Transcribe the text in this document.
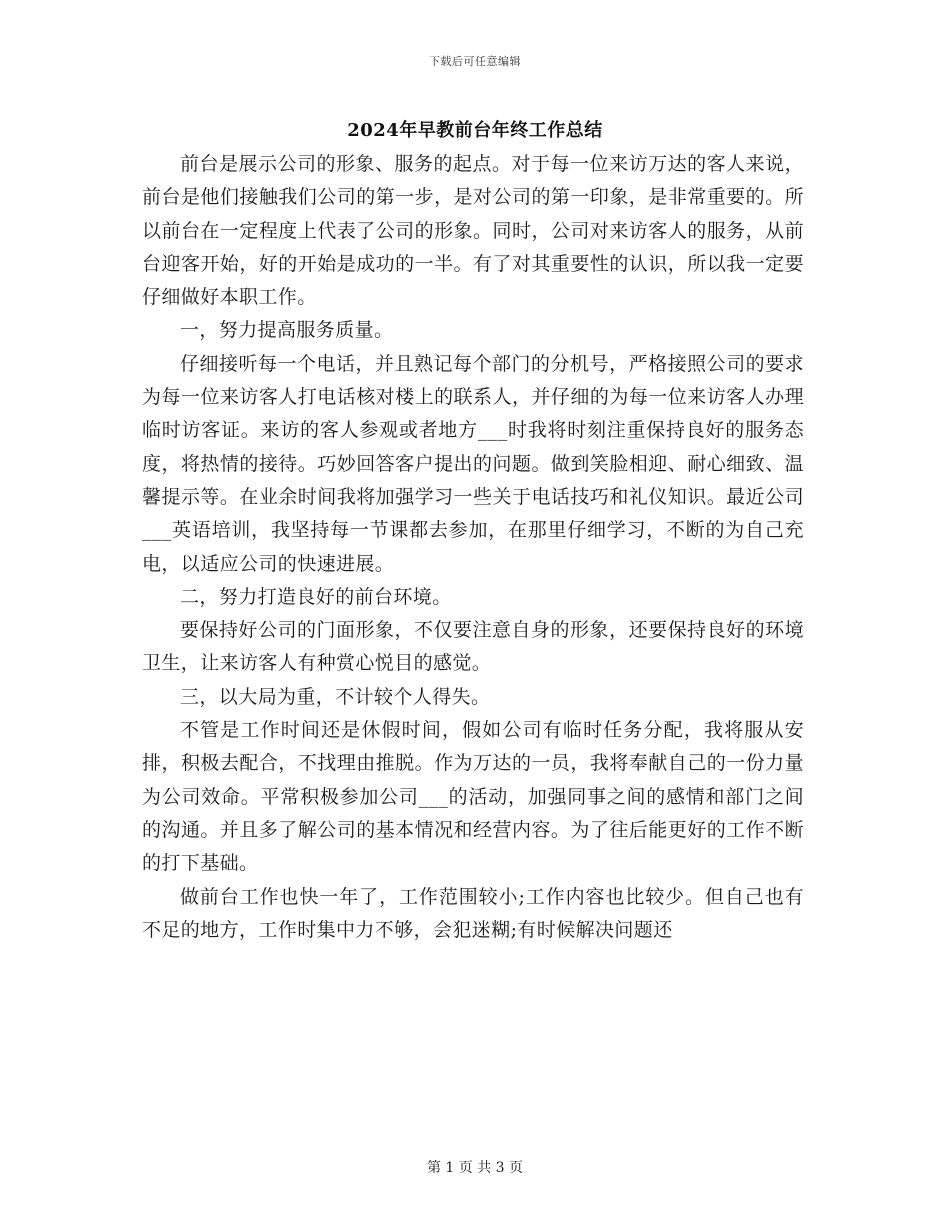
下载后可任意编辑
2024年早教前台年终工作总结

前台是展示公司的形象、服务的起点。对于每一位来访万达的客人来说，前台是他们接触我们公司的第一步，是对公司的第一印象，是非常重要的。所以前台在一定程度上代表了公司的形象。同时，公司对来访客人的服务，从前台迎客开始，好的开始是成功的一半。有了对其重要性的认识，所以我一定要仔细做好本职工作。

一，努力提高服务质量。

仔细接听每一个电话，并且熟记每个部门的分机号，严格接照公司的要求为每一位来访客人打电话核对楼上的联系人，并仔细的为每一位来访客人办理临时访客证。来访的客人参观或者地方___时我将时刻注重保持良好的服务态度，将热情的接待。巧妙回答客户提出的问题。做到笑脸相迎、耐心细致、温馨提示等。在业余时间我将加强学习一些关于电话技巧和礼仪知识。最近公司___英语培训，我坚持每一节课都去参加，在那里仔细学习，不断的为自己充电，以适应公司的快速进展。

二，努力打造良好的前台环境。

要保持好公司的门面形象，不仅要注意自身的形象，还要保持良好的环境卫生，让来访客人有种赏心悦目的感觉。

三，以大局为重，不计较个人得失。

不管是工作时间还是休假时间，假如公司有临时任务分配，我将服从安排，积极去配合，不找理由推脱。作为万达的一员，我将奉献自己的一份力量为公司效命。平常积极参加公司___的活动，加强同事之间的感情和部门之间的沟通。并且多了解公司的基本情况和经营内容。为了往后能更好的工作不断的打下基础。

做前台工作也快一年了，工作范围较小;工作内容也比较少。但自己也有不足的地方，工作时集中力不够，会犯迷糊;有时候解决问题还

第 1 页 共 3 页
